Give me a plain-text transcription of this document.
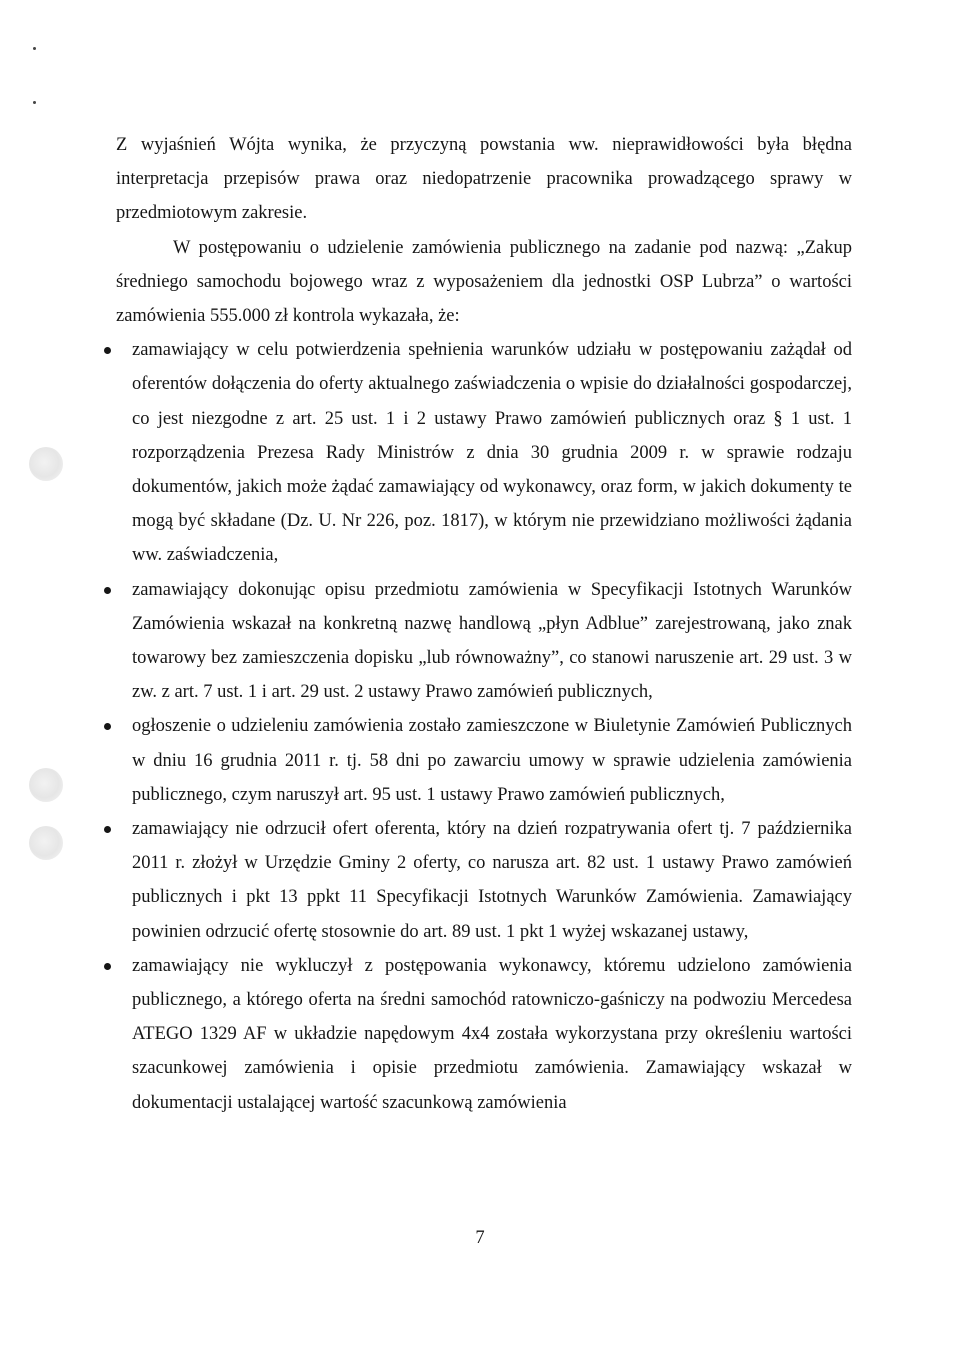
Z wyjaśnień Wójta wynika, że przyczyną powstania ww. nieprawidłowości była błędna interpretacja przepisów prawa oraz niedopatrzenie pracownika prowadzącego sprawy w przedmiotowym zakresie.

W postępowaniu o udzielenie zamówienia publicznego na zadanie pod nazwą: „Zakup średniego samochodu bojowego wraz z wyposażeniem dla jednostki OSP Lubrza” o wartości zamówienia 555.000 zł kontrola wykazała, że:

zamawiający w celu potwierdzenia spełnienia warunków udziału w postępowaniu zażądał od oferentów dołączenia do oferty aktualnego zaświadczenia o wpisie do działalności gospodarczej, co jest niezgodne z art. 25 ust. 1 i 2 ustawy Prawo zamówień publicznych oraz § 1 ust. 1 rozporządzenia Prezesa Rady Ministrów z dnia 30 grudnia 2009 r. w sprawie rodzaju dokumentów, jakich może żądać zamawiający od wykonawcy, oraz form, w jakich dokumenty te mogą być składane (Dz. U. Nr 226, poz. 1817), w którym nie przewidziano możliwości żądania ww. zaświadczenia,
zamawiający dokonując opisu przedmiotu zamówienia w Specyfikacji Istotnych Warunków Zamówienia wskazał na konkretną nazwę handlową „płyn Adblue” zarejestrowaną, jako znak towarowy bez zamieszczenia dopisku „lub równoważny”, co stanowi naruszenie art. 29 ust. 3 w zw. z art. 7 ust. 1 i art. 29 ust. 2 ustawy Prawo zamówień publicznych,
ogłoszenie o udzieleniu zamówienia zostało zamieszczone w Biuletynie Zamówień Publicznych w dniu 16 grudnia 2011 r. tj. 58 dni po zawarciu umowy w sprawie udzielenia zamówienia publicznego, czym naruszył art. 95 ust. 1 ustawy Prawo zamówień publicznych,
zamawiający nie odrzucił ofert oferenta, który na dzień rozpatrywania ofert tj. 7 października 2011 r. złożył w Urzędzie Gminy 2 oferty, co narusza art. 82 ust. 1 ustawy Prawo zamówień publicznych i pkt 13 ppkt 11 Specyfikacji Istotnych Warunków Zamówienia. Zamawiający powinien odrzucić ofertę stosownie do art. 89 ust. 1 pkt 1 wyżej wskazanej ustawy,
zamawiający nie wykluczył z postępowania wykonawcy, któremu udzielono zamówienia publicznego, a którego oferta na średni samochód ratowniczo-gaśniczy na podwoziu Mercedesa ATEGO 1329 AF w układzie napędowym 4x4 została wykorzystana przy określeniu wartości szacunkowej zamówienia i opisie przedmiotu zamówienia. Zamawiający wskazał w dokumentacji ustalającej wartość szacunkową zamówienia
7
